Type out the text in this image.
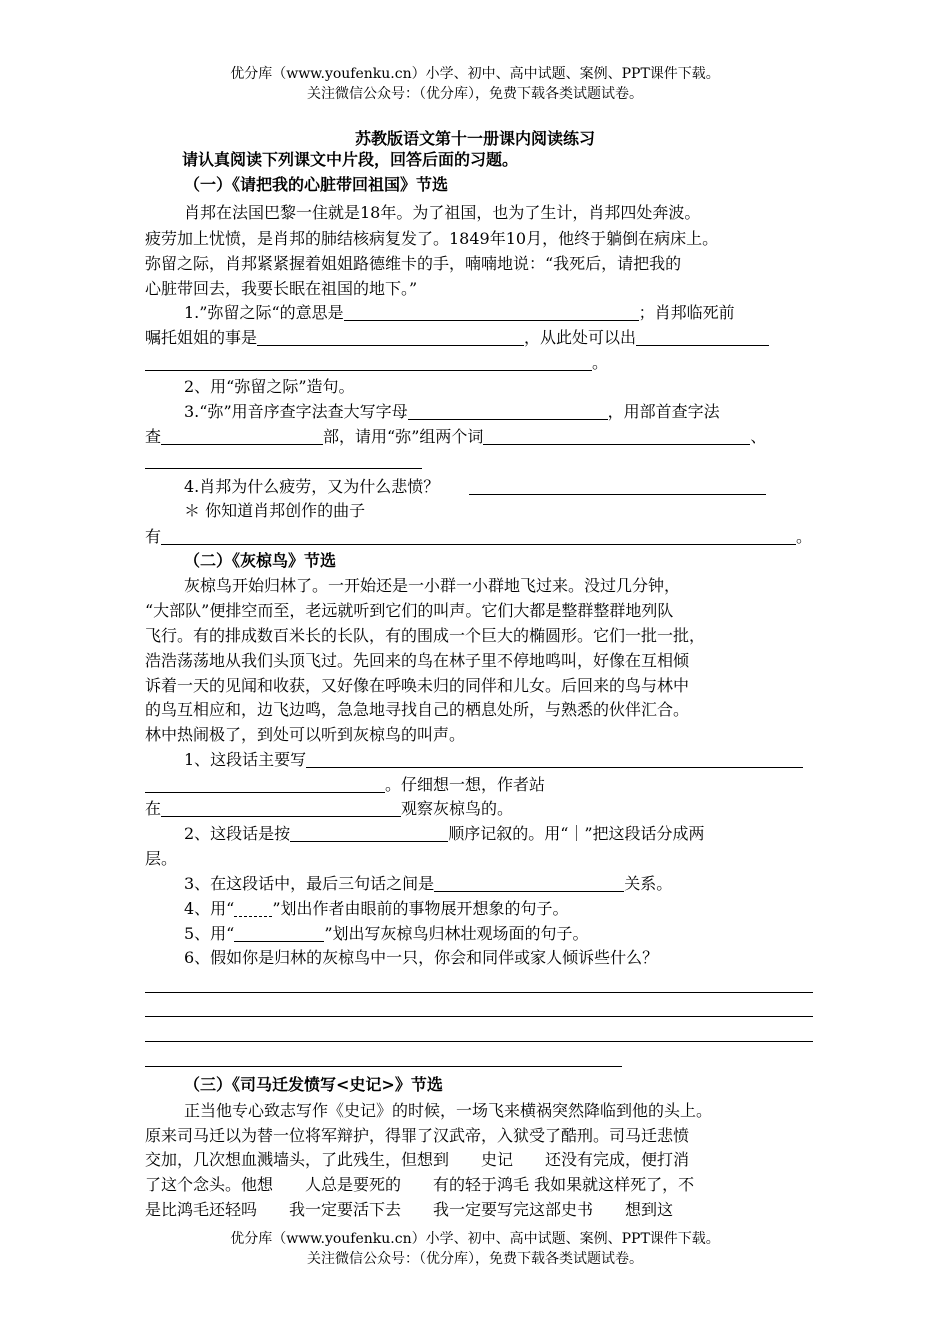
优分库（www.youfenku.cn）小学、初中、高中试题、案例、PPT课件下载。
关注微信公众号：（优分库），免费下载各类试题试卷。
苏教版语文第十一册课内阅读练习
请认真阅读下列课文中片段，回答后面的习题。
（一）《请把我的心脏带回祖国》节选
肖邦在法国巴黎一住就是18年。为了祖国，也为了生计，肖邦四处奔波。
疲劳加上忧愤，是肖邦的肺结核病复发了。1849年10月，他终于躺倒在病床上。
弥留之际，肖邦紧紧握着姐姐路德维卡的手，喃喃地说：“我死后，请把我的
心脏带回去，我要长眠在祖国的地下。”
1.”弥留之际“的意思是	；肖邦临死前
嘱托姐姐的事是	，从此处可以出
。
2、用“弥留之际”造句。
3.“弥”用音序查字法查大写字母	，用部首查字法
查	部，请用“弥”组两个词	、
4.肖邦为什么疲劳，又为什么悲愤？
＊ 你知道肖邦创作的曲子
有	。
（二）《灰椋鸟》节选
灰椋鸟开始归林了。一开始还是一小群一小群地飞过来。没过几分钟，
“大部队”便排空而至，老远就听到它们的叫声。它们大都是整群整群地列队
飞行。有的排成数百米长的长队，有的围成一个巨大的椭圆形。它们一批一批，
浩浩荡荡地从我们头顶飞过。先回来的鸟在林子里不停地鸣叫，好像在互相倾
诉着一天的见闻和收获，又好像在呼唤未归的同伴和儿女。后回来的鸟与林中
的鸟互相应和，边飞边鸣，急急地寻找自己的栖息处所，与熟悉的伙伴汇合。
林中热闹极了，到处可以听到灰椋鸟的叫声。
1、这段话主要写
。仔细想一想，作者站
在	观察灰椋鸟的。
2、这段话是按	顺序记叙的。用“｜”把这段话分成两
层。
3、在这段话中，最后三句话之间是	关系。
4、用“ ”划出作者由眼前的事物展开想象的句子。
5、用“	”划出写灰椋鸟归林壮观场面的句子。
6、假如你是归林的灰椋鸟中一只，你会和同伴或家人倾诉些什么？
（三）《司马迁发愤写<史记>》节选
正当他专心致志写作《史记》的时候，一场飞来横祸突然降临到他的头上。
原来司马迁以为替一位将军辩护，得罪了汉武帝，入狱受了酷刑。司马迁悲愤
交加，几次想血溅墙头，了此残生，但想到　　史记　　还没有完成，便打消
了这个念头。他想　　人总是要死的　　有的轻于鸿毛 我如果就这样死了，不
是比鸿毛还轻吗　　我一定要活下去　　我一定要写完这部史书　　想到这
优分库（www.youfenku.cn）小学、初中、高中试题、案例、PPT课件下载。
关注微信公众号：（优分库），免费下载各类试题试卷。
